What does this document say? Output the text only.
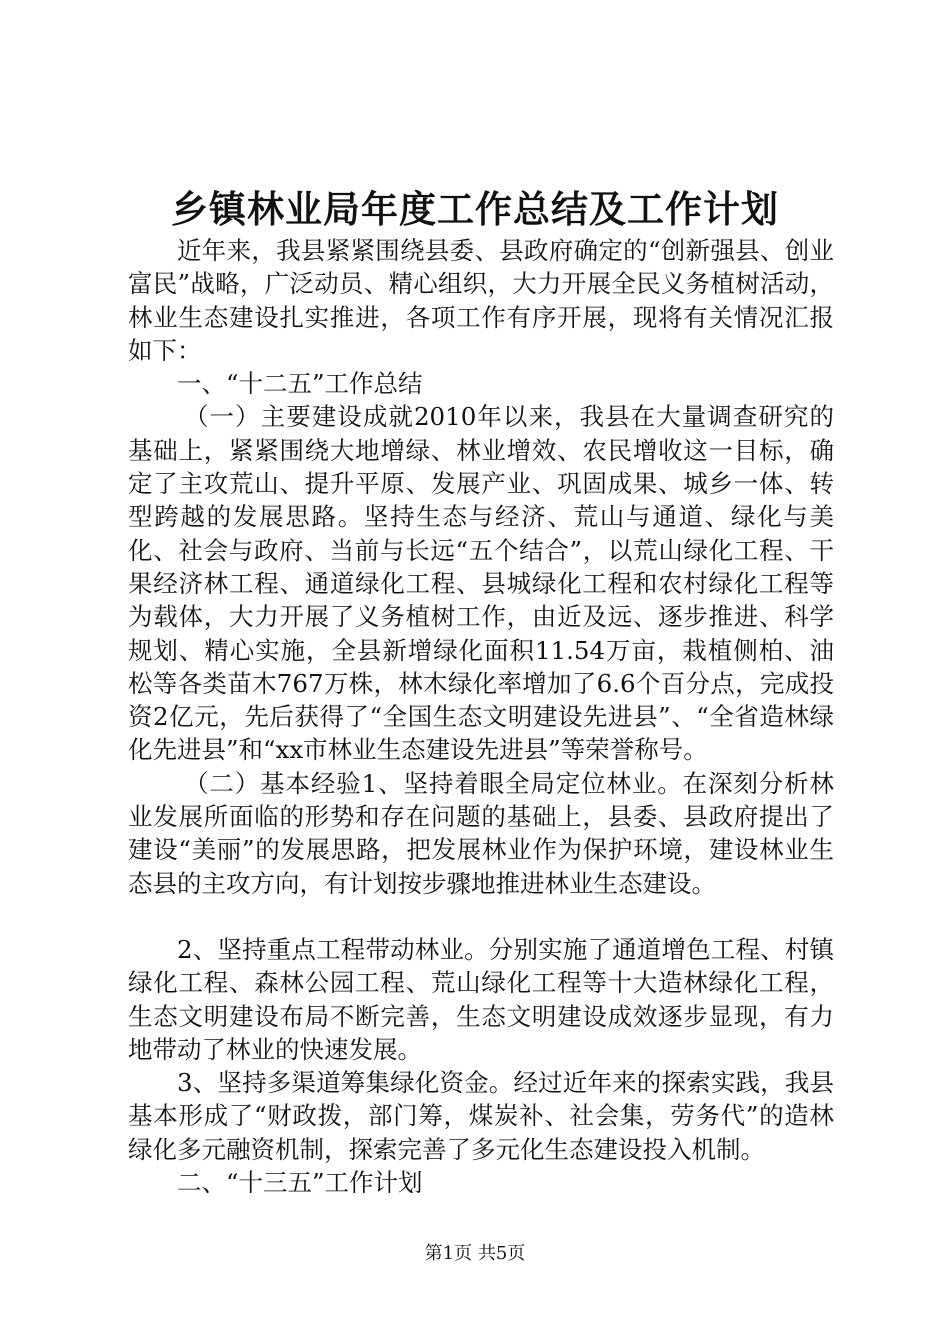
乡镇林业局年度工作总结及工作计划

近年来，我县紧紧围绕县委、县政府确定的“创新强县、创业富民”战略，广泛动员、精心组织，大力开展全民义务植树活动，林业生态建设扎实推进，各项工作有序开展，现将有关情况汇报如下：

一、“十二五”工作总结

（一）主要建设成就2010年以来，我县在大量调查研究的基础上，紧紧围绕大地增绿、林业增效、农民增收这一目标，确定了主攻荒山、提升平原、发展产业、巩固成果、城乡一体、转型跨越的发展思路。坚持生态与经济、荒山与通道、绿化与美化、社会与政府、当前与长远“五个结合”，以荒山绿化工程、干果经济林工程、通道绿化工程、县城绿化工程和农村绿化工程等为载体，大力开展了义务植树工作，由近及远、逐步推进、科学规划、精心实施，全县新增绿化面积11.54万亩，栽植侧柏、油松等各类苗木767万株，林木绿化率增加了6.6个百分点，完成投资2亿元，先后获得了“全国生态文明建设先进县”、“全省造林绿化先进县”和“xx市林业生态建设先进县”等荣誉称号。

（二）基本经验1、坚持着眼全局定位林业。在深刻分析林业发展所面临的形势和存在问题的基础上，县委、县政府提出了建设“美丽”的发展思路，把发展林业作为保护环境，建设林业生态县的主攻方向，有计划按步骤地推进林业生态建设。

2、坚持重点工程带动林业。分别实施了通道增色工程、村镇绿化工程、森林公园工程、荒山绿化工程等十大造林绿化工程，生态文明建设布局不断完善，生态文明建设成效逐步显现，有力地带动了林业的快速发展。

3、坚持多渠道筹集绿化资金。经过近年来的探索实践，我县基本形成了“财政拨，部门筹，煤炭补、社会集，劳务代”的造林绿化多元融资机制，探索完善了多元化生态建设投入机制。

二、“十三五”工作计划

第1页 共5页
